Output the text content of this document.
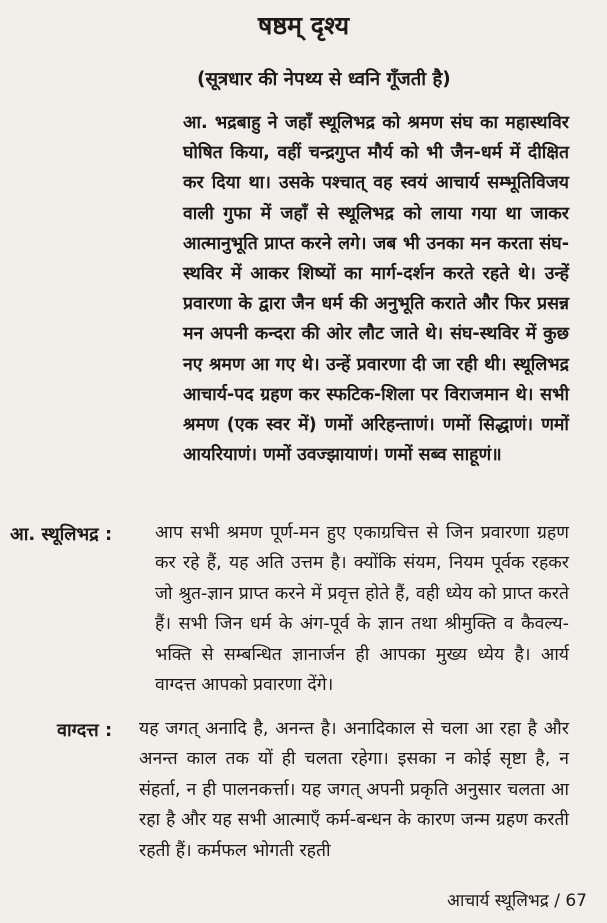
षष्ठम् दृश्य
(सूत्रधार की नेपथ्य से ध्वनि गूँजती है)
आ. भद्रबाहु ने जहाँ स्थूलिभद्र को श्रमण संघ का महास्थविर घोषित किया, वहीं चन्द्रगुप्त मौर्य को भी जैन-धर्म में दीक्षित कर दिया था। उसके पश्चात् वह स्वयं आचार्य सम्भूतिविजय वाली गुफा में जहाँ से स्थूलिभद्र को लाया गया था जाकर आत्मानुभूति प्राप्त करने लगे। जब भी उनका मन करता संघ-स्थविर में आकर शिष्यों का मार्ग-दर्शन करते रहते थे। उन्हें प्रवारणा के द्वारा जैन धर्म की अनुभूति कराते और फिर प्रसन्न मन अपनी कन्दरा की ओर लौट जाते थे। संघ-स्थविर में कुछ नए श्रमण आ गए थे। उन्हें प्रवारणा दी जा रही थी। स्थूलिभद्र आचार्य-पद ग्रहण कर स्फटिक-शिला पर विराजमान थे। सभी श्रमण (एक स्वर में) णमों अरिहन्ताणं। णमों सिद्धाणं। णमों आयरियाणं। णमों उवज्झायाणं। णमों सब्व साहूणं॥
आ. स्थूलिभद्र : आप सभी श्रमण पूर्ण-मन हुए एकाग्रचित्त से जिन प्रवारणा ग्रहण कर रहे हैं, यह अति उत्तम है। क्योंकि संयम, नियम पूर्वक रहकर जो श्रुत-ज्ञान प्राप्त करने में प्रवृत्त होते हैं, वही ध्येय को प्राप्त करते हैं। सभी जिन धर्म के अंग-पूर्व के ज्ञान तथा श्रीमुक्ति व कैवल्य-भक्ति से सम्बन्धित ज्ञानार्जन ही आपका मुख्य ध्येय है। आर्य वाग्दत्त आपको प्रवारणा देंगे।
वाग्दत्त : यह जगत् अनादि है, अनन्त है। अनादिकाल से चला आ रहा है और अनन्त काल तक यों ही चलता रहेगा। इसका न कोई सृष्टा है, न संहर्ता, न ही पालनकर्त्ता। यह जगत् अपनी प्रकृति अनुसार चलता आ रहा है और यह सभी आत्माएँ कर्म-बन्धन के कारण जन्म ग्रहण करती रहती हैं। कर्मफल भोगती रहती
आचार्य स्थूलिभद्र / 67
